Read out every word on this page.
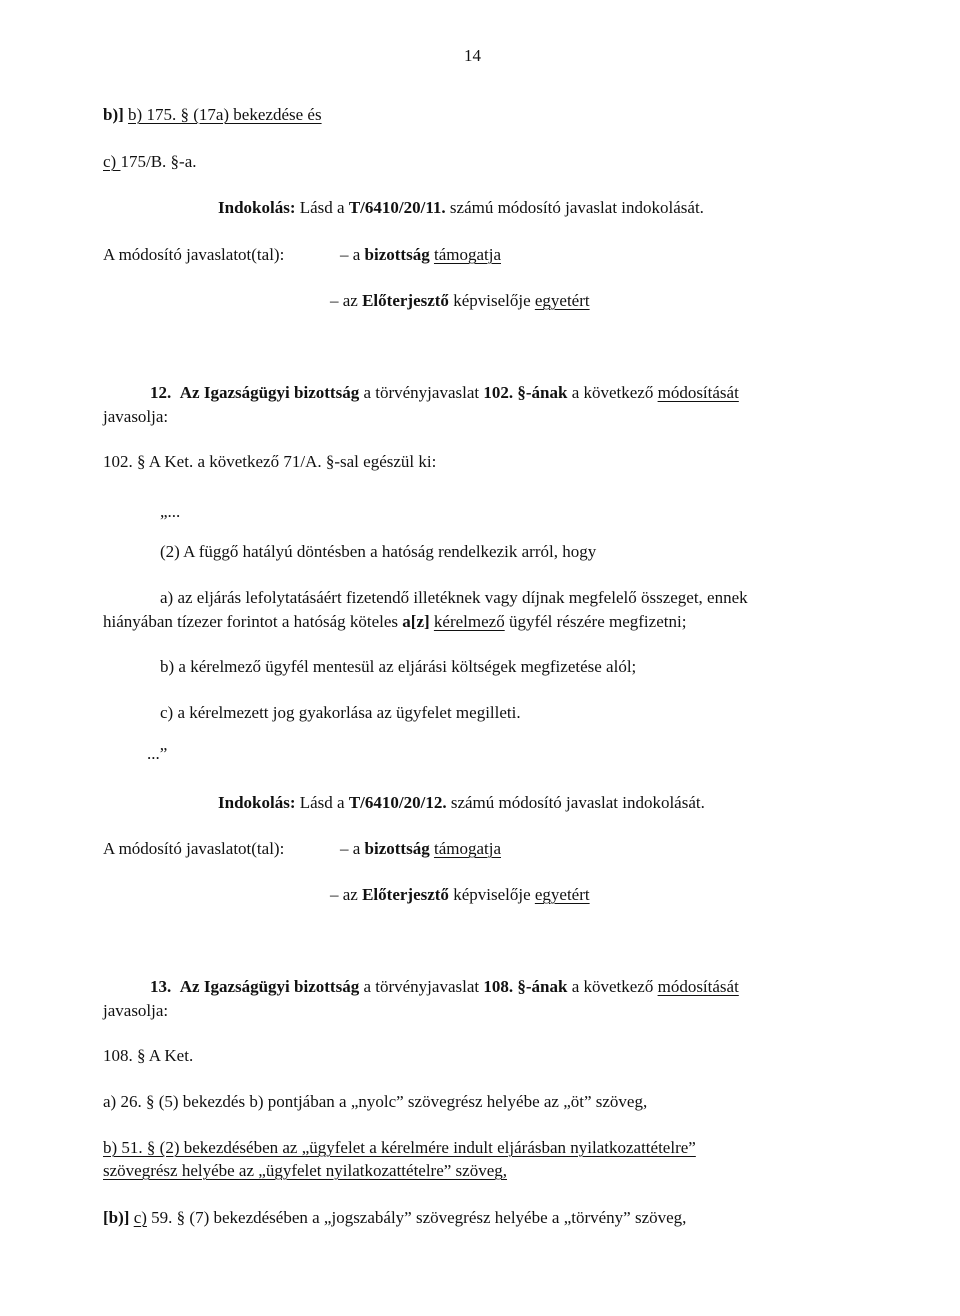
14
b)] b) 175. § (17a) bekezdése és
c) 175/B. §-a.
Indokolás: Lásd a T/6410/20/11. számú módosító javaslat indokolását.
A módosító javaslatot(tal):	– a bizottság támogatja
– az Előterjesztő képviselője egyetért
12. Az Igazságügyi bizottság a törvényjavaslat 102. §-ának a következő módosítását
javasolja:
102. § A Ket. a következő 71/A. §-sal egészül ki:
„...
(2) A függő hatályú döntésben a hatóság rendelkezik arról, hogy
a) az eljárás lefolytatásáért fizetendő illetéknek vagy díjnak megfelelő összeget, ennek
hiányában tízezer forintot a hatóság köteles a[z] kérelmező ügyfél részére megfizetni;
b) a kérelmező ügyfél mentesül az eljárási költségek megfizetése alól;
c) a kérelmezett jog gyakorlása az ügyfelet megilleti.
...”
Indokolás: Lásd a T/6410/20/12. számú módosító javaslat indokolását.
A módosító javaslatot(tal):	– a bizottság támogatja
– az Előterjesztő képviselője egyetért
13. Az Igazságügyi bizottság a törvényjavaslat 108. §-ának a következő módosítását
javasolja:
108. § A Ket.
a) 26. § (5) bekezdés b) pontjában a „nyolc” szövegrész helyébe az „öt” szöveg,
b) 51. § (2) bekezdésében az „ügyfelet a kérelmére indult eljárásban nyilatkozattételre”
szövegrész helyébe az „ügyfelet nyilatkozattételre” szöveg,
[b)] c) 59. § (7) bekezdésében a „jogszabály” szövegrész helyébe a „törvény” szöveg,
